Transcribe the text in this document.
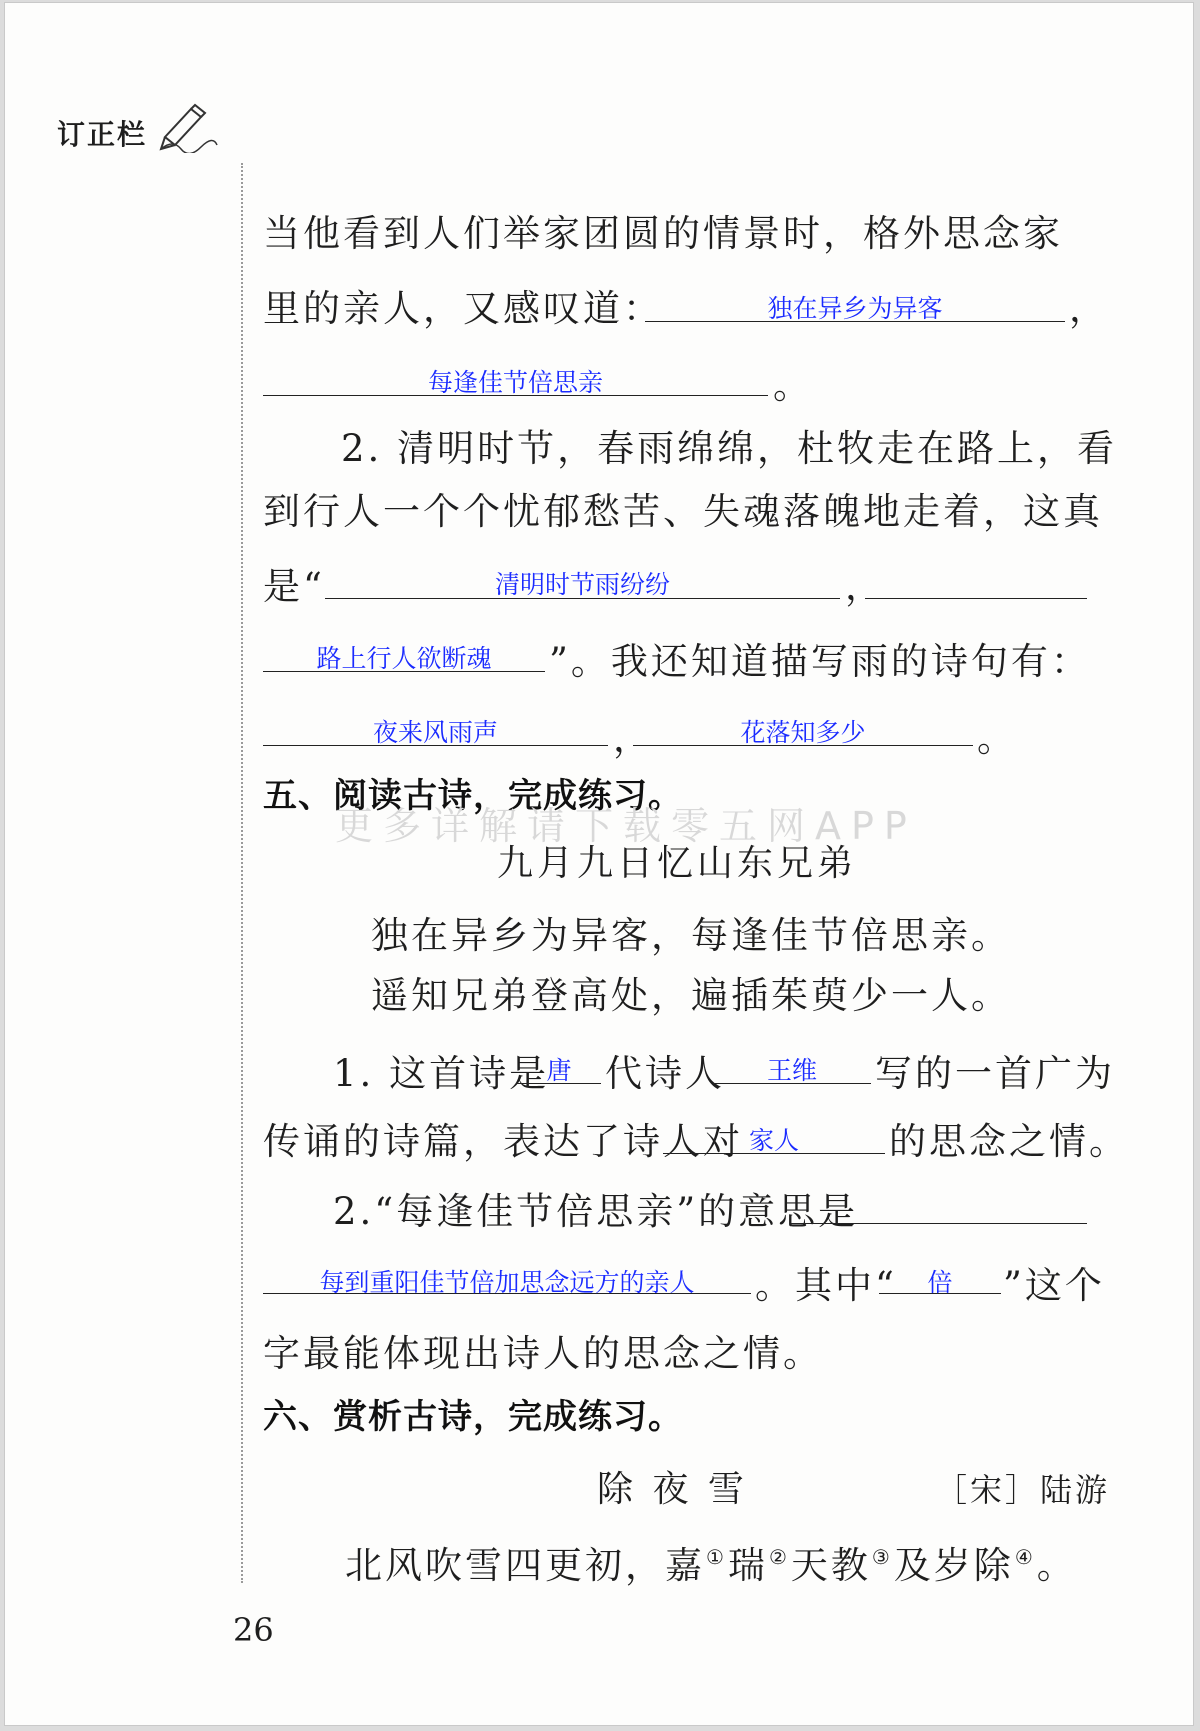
订正栏
当他看到人们举家团圆的情景时，格外思念家
里的亲人，又感叹道：	独在异乡为异客	，
每逢佳节倍思亲	。
2. 清明时节，春雨绵绵，杜牧走在路上，看
到行人一个个忧郁愁苦、失魂落魄地走着，这真
是“	清明时节雨纷纷	，
路上行人欲断魂	”。我还知道描写雨的诗句有：
夜来风雨声	，	花落知多少	。
五、阅读古诗，完成练习。
更多详解请下载零五网APP
九月九日忆山东兄弟
独在异乡为异客，每逢佳节倍思亲。
遥知兄弟登高处，遍插茱萸少一人。
1. 这首诗是
唐 代诗人	王维	写的一首广为
传诵的诗篇，表达了诗人对 家人	的思念之情。
2.“每逢佳节倍思亲”的意思是
每到重阳佳节倍加思念远方的亲人	。其中“	倍	”这个
字最能体现出诗人的思念之情。
六、赏析古诗，完成练习。
除 夜 雪	［宋］陆游
北风吹雪四更初，嘉①瑞②天教③及岁除④。
26
